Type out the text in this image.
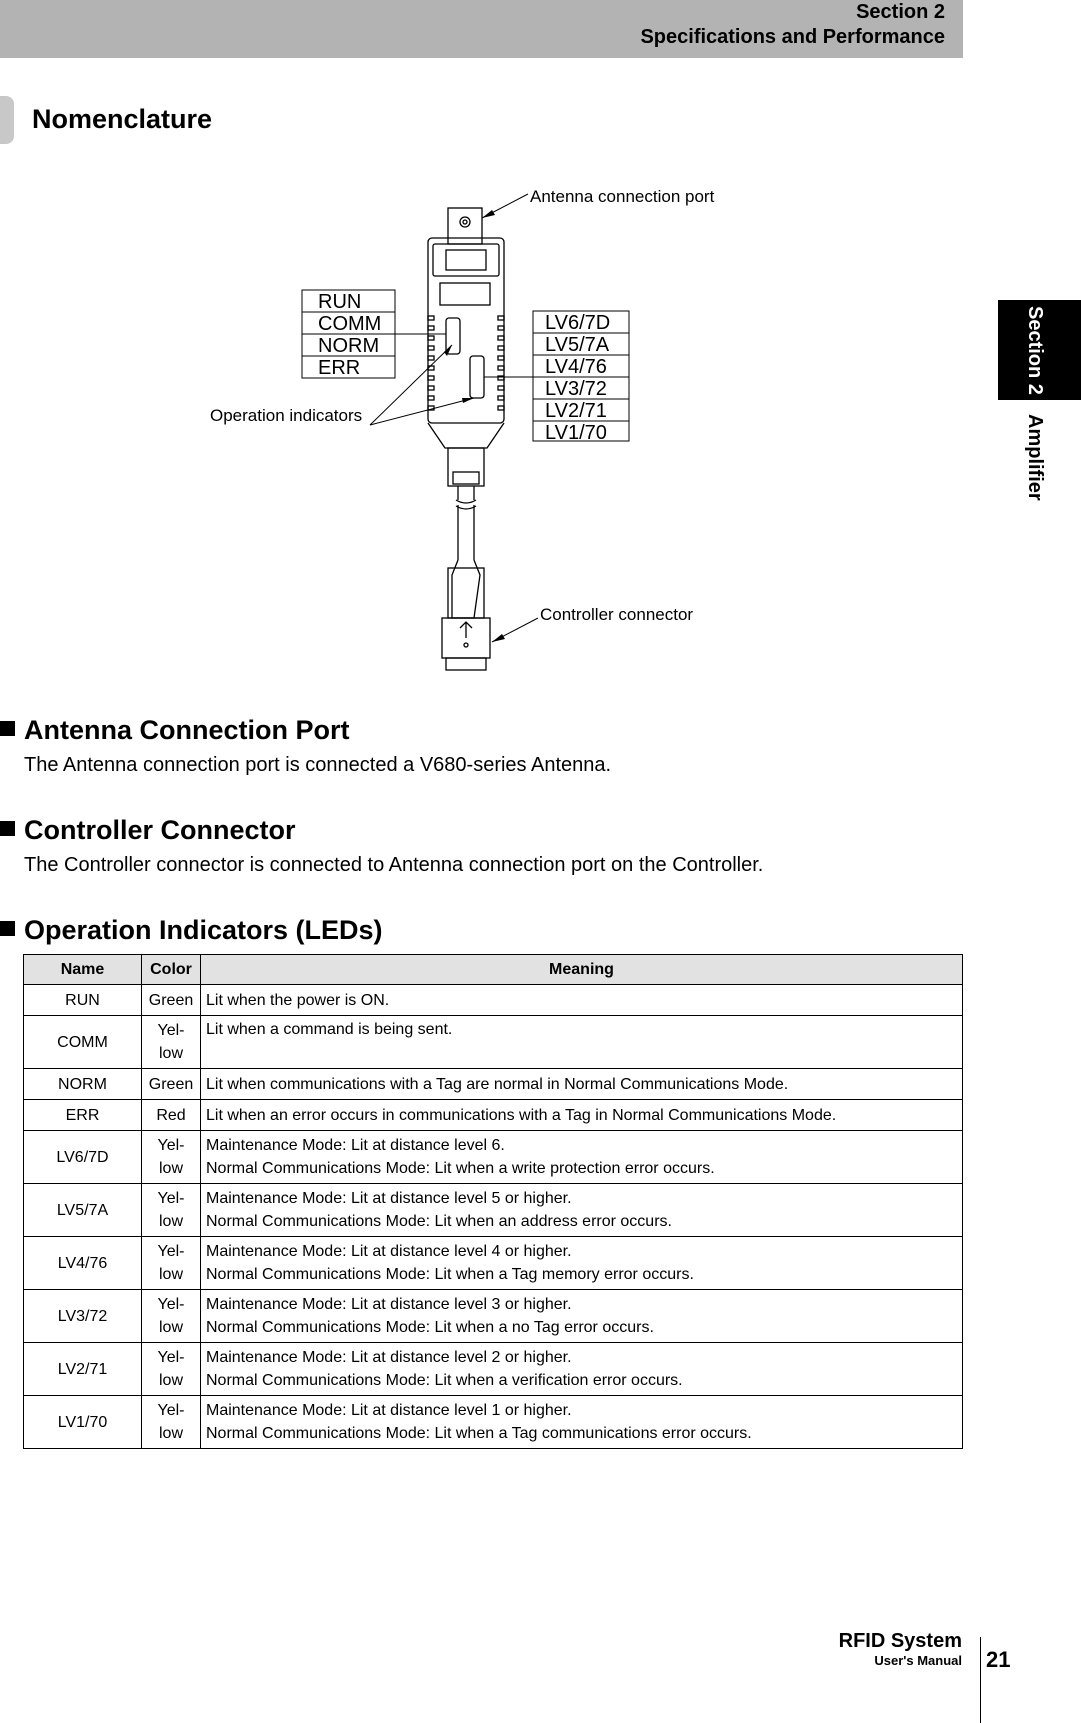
Section 2
Specifications and Performance
Section 2
Amplifier
Nomenclature
RUN
COMM
NORM
ERR
LV6/7D
LV5/7A
LV4/76
LV3/72
LV2/71
LV1/70
Antenna connection port
Operation indicators
Controller connector
Antenna Connection Port
The Antenna connection port is connected a V680-series Antenna.
Controller Connector
The Controller connector is connected to Antenna connection port on the Controller.
Operation Indicators (LEDs)
Name	Color	Meaning
RUN	Green	Lit when the power is ON.

COMM	Yel-low	Lit when a command is being sent.

NORM	Green	Lit when communications with a Tag are normal in Normal Communications Mode.

ERR	Red	Lit when an error occurs in communications with a Tag in Normal Communications Mode.

LV6/7D	Yel-low	Maintenance Mode: Lit at distance level 6.
Normal Communications Mode: Lit when a write protection error occurs.

LV5/7A	Yel-low	Maintenance Mode: Lit at distance level 5 or higher.
Normal Communications Mode: Lit when an address error occurs.

LV4/76	Yel-low	Maintenance Mode: Lit at distance level 4 or higher.
Normal Communications Mode: Lit when a Tag memory error occurs.

LV3/72	Yel-low	Maintenance Mode: Lit at distance level 3 or higher.
Normal Communications Mode: Lit when a no Tag error occurs.

LV2/71	Yel-low	Maintenance Mode: Lit at distance level 2 or higher.
Normal Communications Mode: Lit when a verification error occurs.

LV1/70	Yel-low	Maintenance Mode: Lit at distance level 1 or higher.
Normal Communications Mode: Lit when a Tag communications error occurs.
RFID System
User's Manual 21
